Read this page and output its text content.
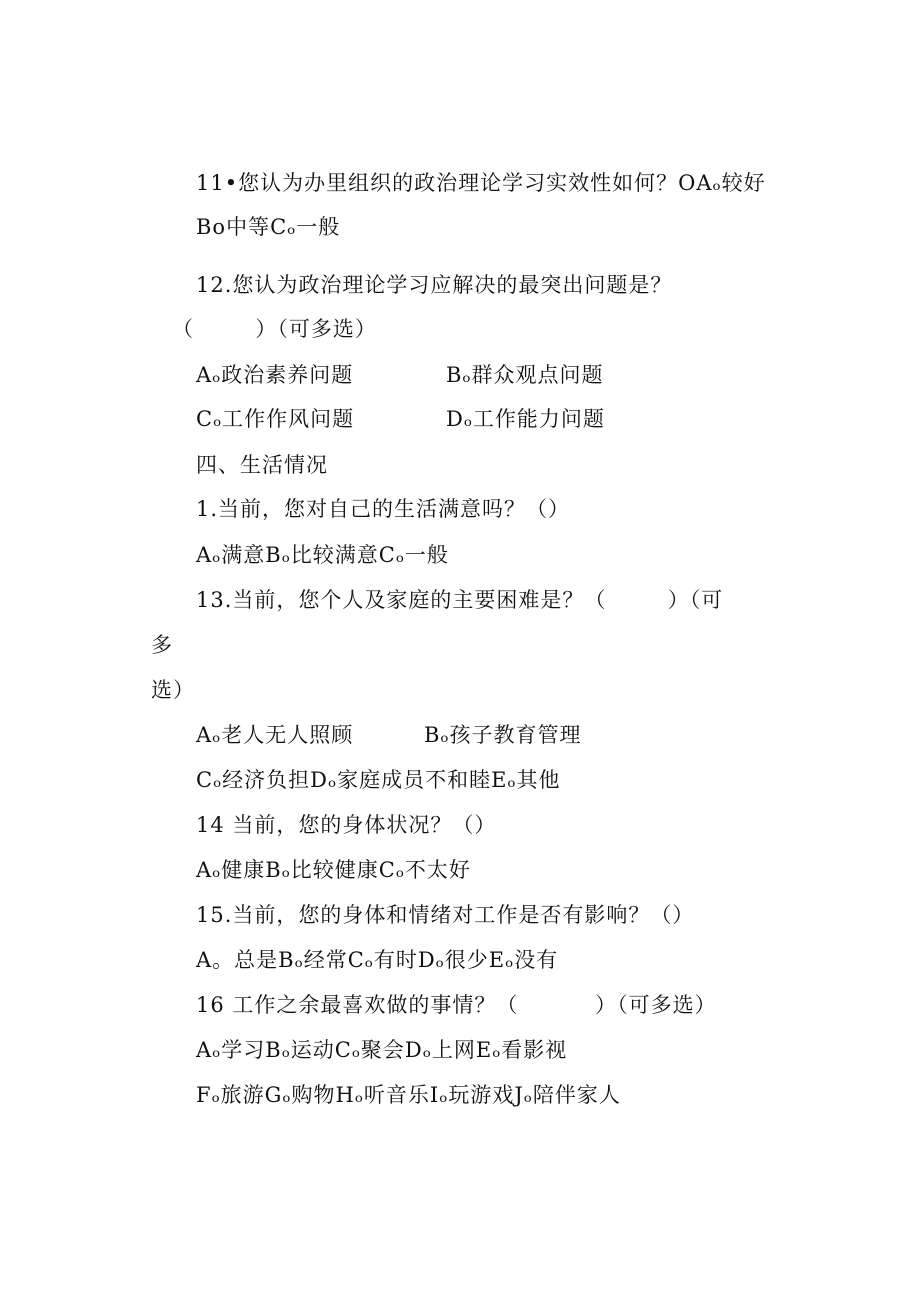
11•您认为办里组织的政治理论学习实效性如何？OAₒ较好
Bo中等Cₒ一般
12.您认为政治理论学习应解决的最突出问题是？
（        ）（可多选）
Aₒ政治素养问题	Bₒ群众观点问题
Cₒ工作作风问题	Dₒ工作能力问题
四、生活情况
1.当前，您对自己的生活满意吗？（）
Aₒ满意Bₒ比较满意Cₒ一般
13.当前，您个人及家庭的主要困难是？（        ）（可
多
选）
Aₒ老人无人照顾	Bₒ孩子教育管理
Cₒ经济负担Dₒ家庭成员不和睦Eₒ其他
14 当前，您的身体状况？（）
Aₒ健康Bₒ比较健康Cₒ不太好
15.当前，您的身体和情绪对工作是否有影响？（）
A。总是Bₒ经常Cₒ有时Dₒ很少Eₒ没有
16 工作之余最喜欢做的事情？（          ）（可多选）
Aₒ学习Bₒ运动Cₒ聚会Dₒ上网Eₒ看影视
Fₒ旅游Gₒ购物Hₒ听音乐Iₒ玩游戏Jₒ陪伴家人
